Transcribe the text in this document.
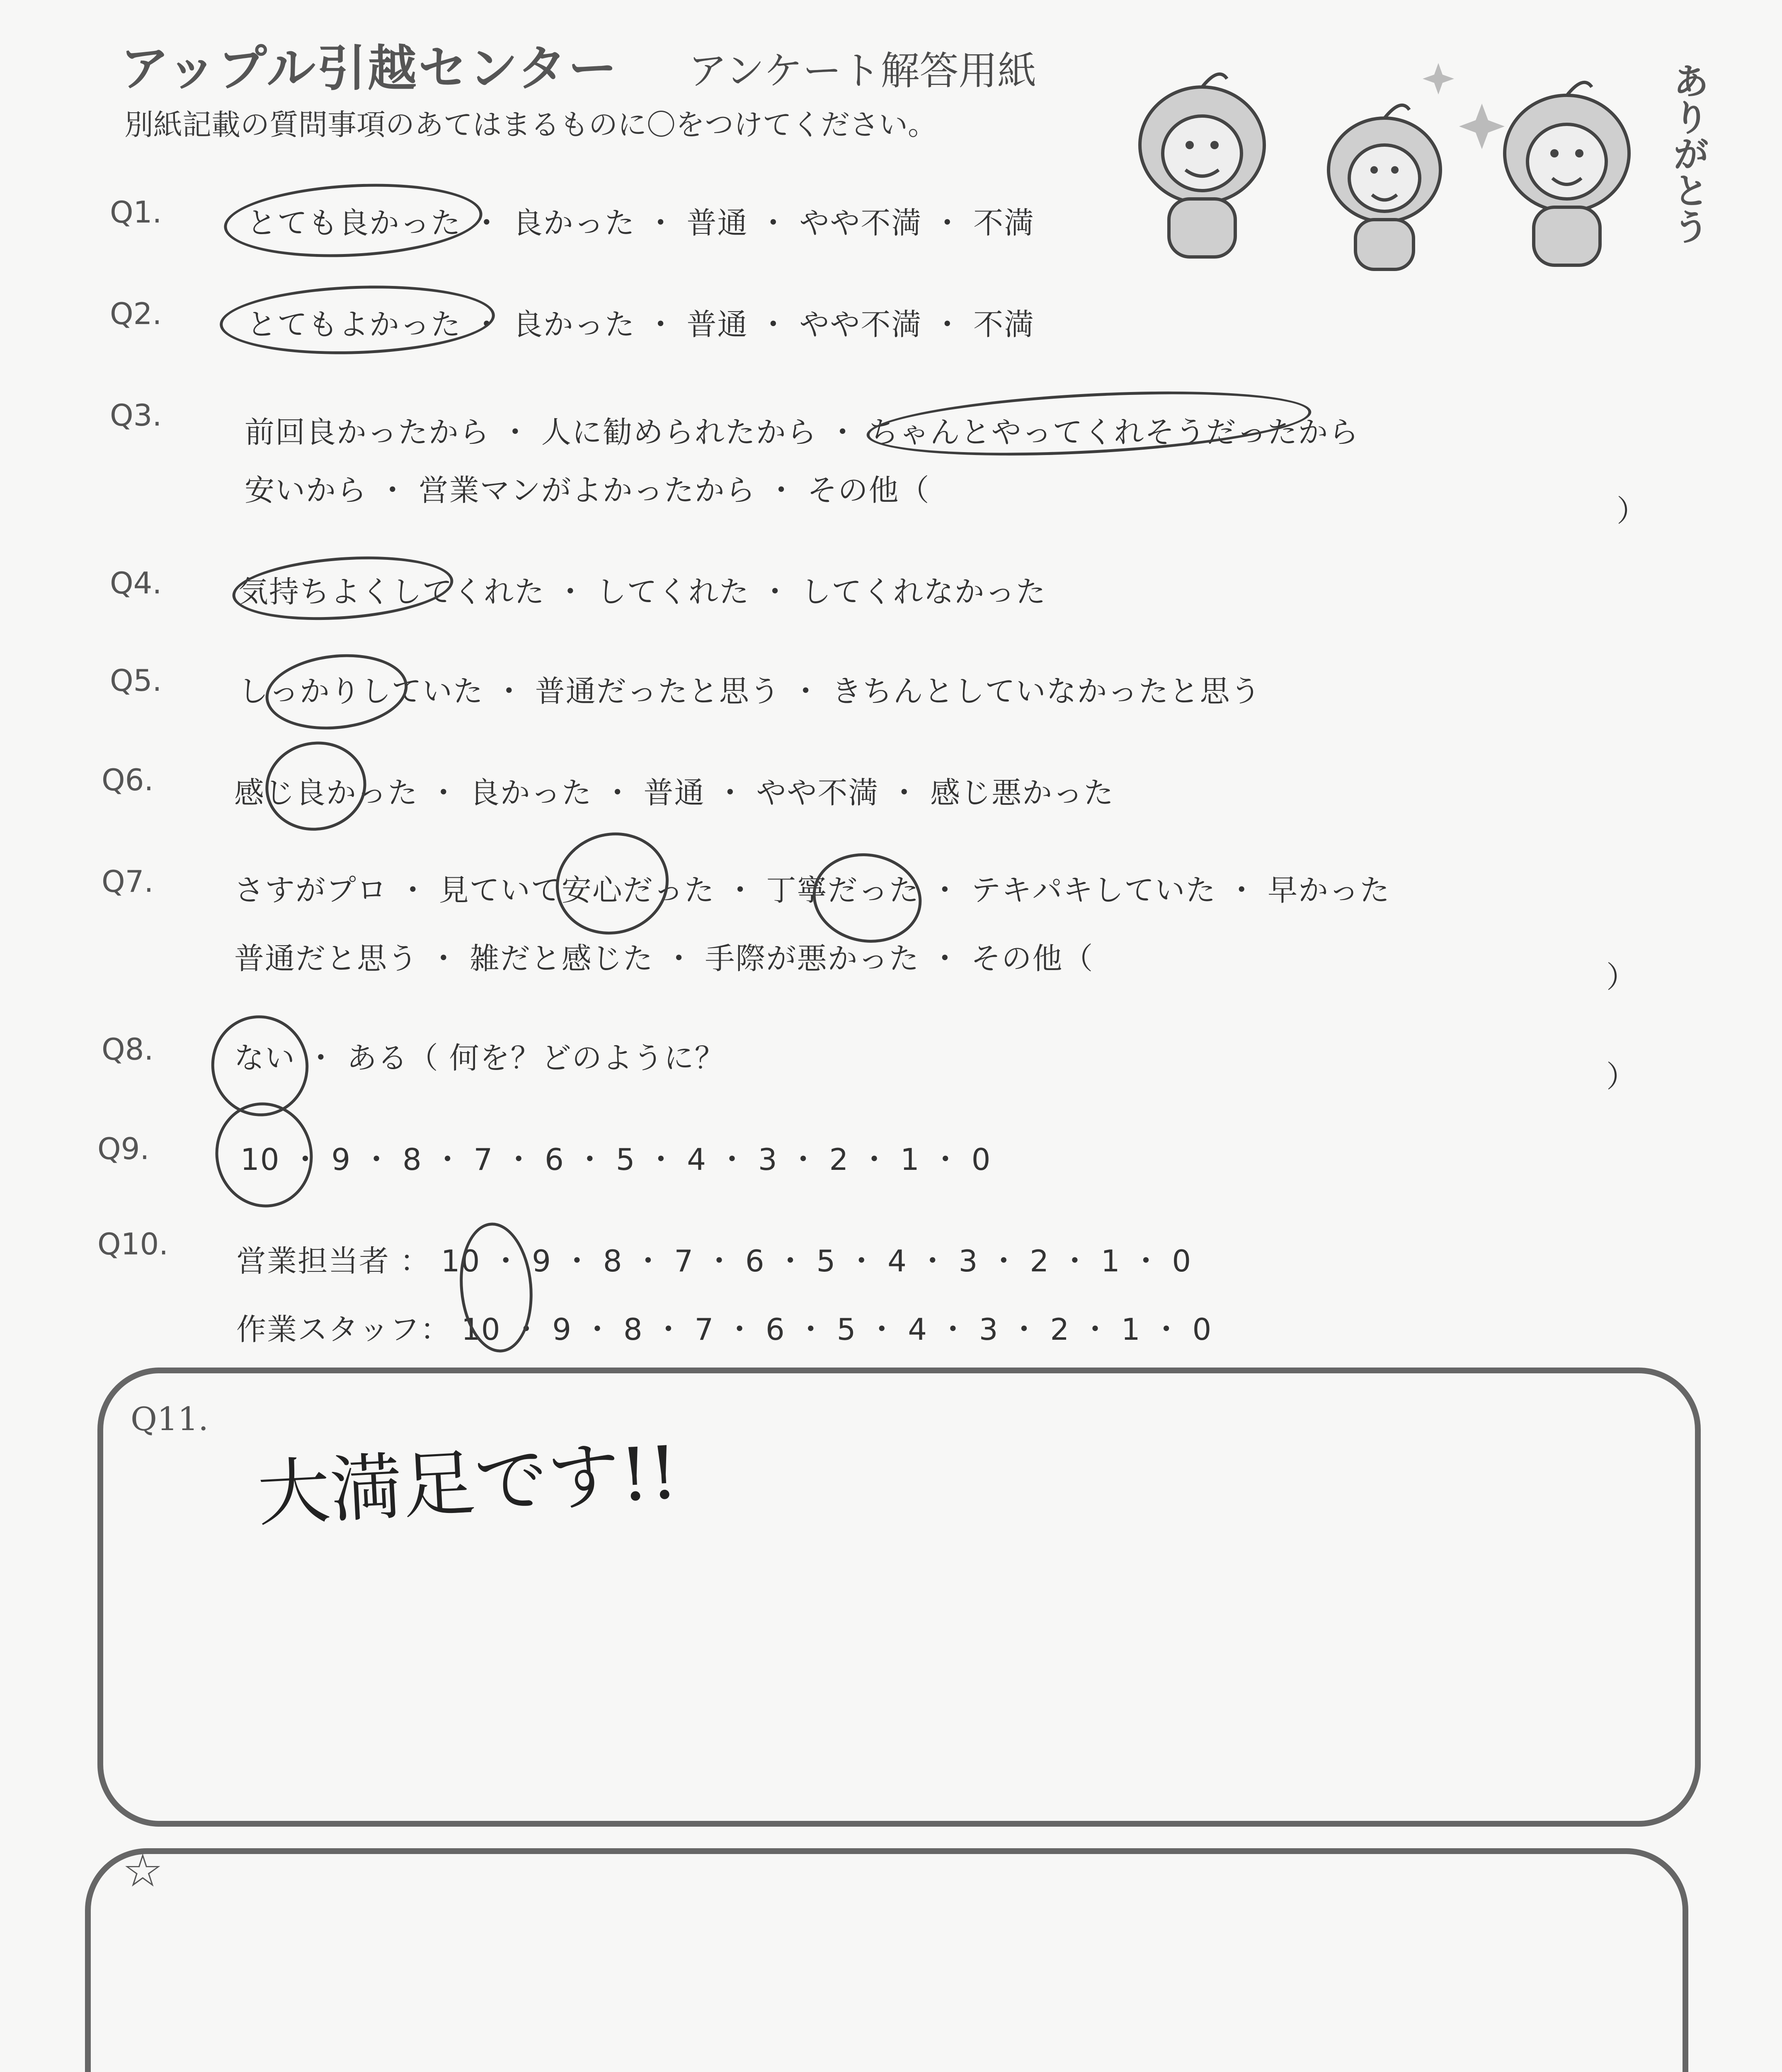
アップル引越センター アンケート解答用紙
別紙記載の質問事項のあてはまるものに〇をつけてください。	ありがとう
Q1.	とても良かった ・ 良かった ・ 普通 ・ やや不満 ・ 不満
Q2.	とてもよかった ・ 良かった ・ 普通 ・ やや不満 ・ 不満
Q3.	前回良かったから ・ 人に勧められたから ・ ちゃんとやってくれそうだったから
安いから ・ 営業マンがよかったから ・ その他（
）
Q4.	気持ちよくしてくれた ・ してくれた ・ してくれなかった
Q5.	しっかりしていた ・ 普通だったと思う ・ きちんとしていなかったと思う
Q6.	感じ良かった ・ 良かった ・ 普通 ・ やや不満 ・ 感じ悪かった
Q7.	さすがプロ ・ 見ていて安心だった ・ 丁寧だった ・ テキパキしていた ・ 早かった
普通だと思う ・ 雑だと感じた ・ 手際が悪かった ・ その他（
）
Q8.	ない ・ ある（ 何を？どのように？
）
Q9.	10 ・ 9 ・ 8 ・ 7 ・ 6 ・ 5 ・ 4 ・ 3 ・ 2 ・ 1 ・ 0
Q10. 営業担当者 ： 10 ・ 9 ・ 8 ・ 7 ・ 6 ・ 5 ・ 4 ・ 3 ・ 2 ・ 1 ・ 0
作業スタッフ： 10 ・ 9 ・ 8 ・ 7 ・ 6 ・ 5 ・ 4 ・ 3 ・ 2 ・ 1 ・ 0
Q11.
大満足です!!
☆
